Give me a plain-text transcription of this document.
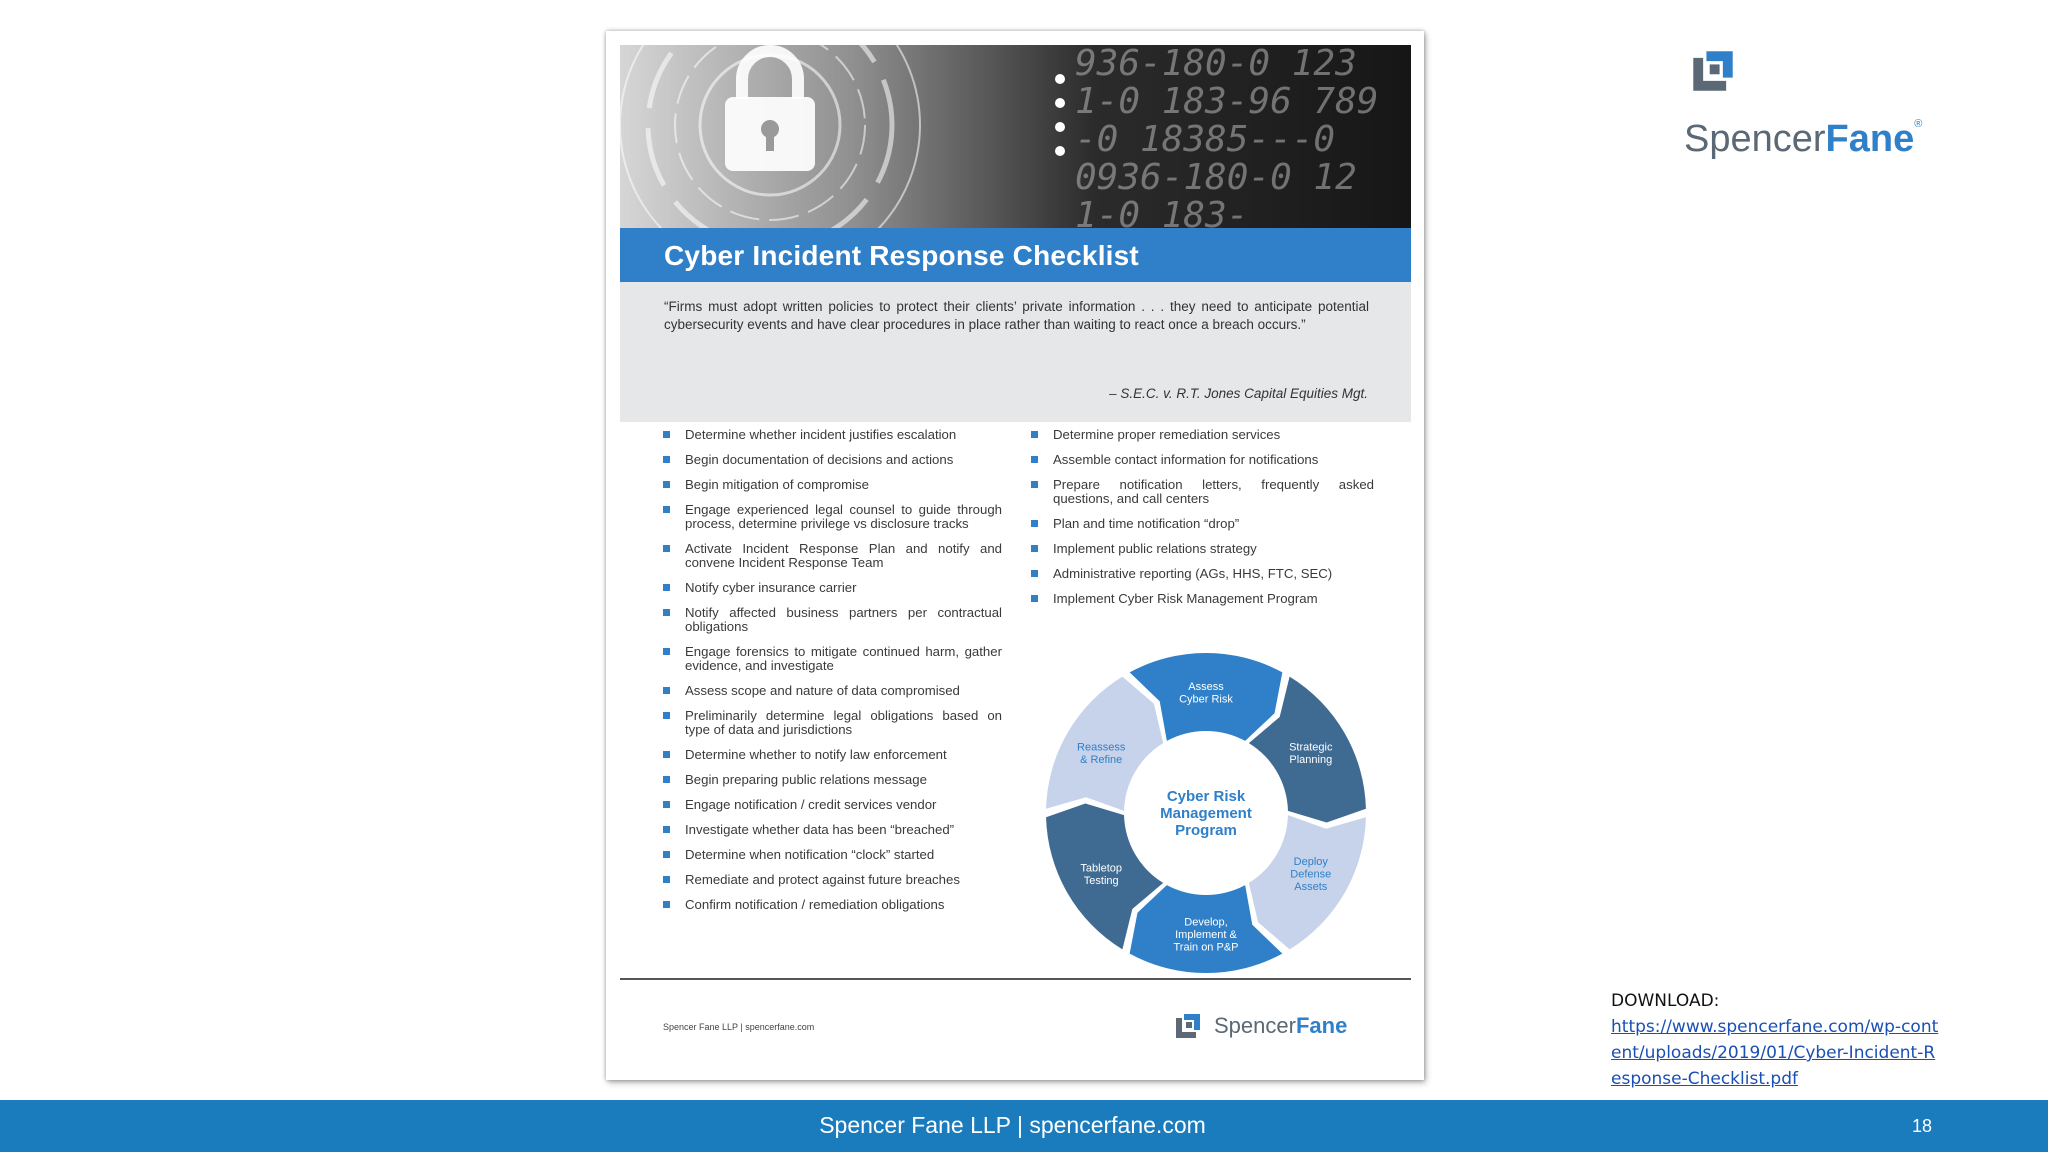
936-180-0 123
1-0 183-96 789
-0 18385---0
0936-180-0 12
1-0 183-
Cyber Incident Response Checklist
“Firms must adopt written policies to protect their clients’ private information . . . they need to anticipate potential cybersecurity events and have clear procedures in place rather than waiting to react once a breach occurs.”
– S.E.C. v. R.T. Jones Capital Equities Mgt.
Determine whether incident justifies escalation
Begin documentation of decisions and actions
Begin mitigation of compromise
Engage experienced legal counsel to guide through process, determine privilege vs disclosure tracks
Activate Incident Response Plan and notify and convene Incident Response Team
Notify cyber insurance carrier
Notify affected business partners per contractual obligations
Engage forensics to mitigate continued harm, gather evidence, and investigate
Assess scope and nature of data compromised
Preliminarily determine legal obligations based on type of data and jurisdictions
Determine whether to notify law enforcement
Begin preparing public relations message
Engage notification / credit services vendor
Investigate whether data has been “breached”
Determine when notification “clock” started
Remediate and protect against future breaches
Confirm notification / remediation obligations
Determine proper remediation services
Assemble contact information for notifications
Prepare notification letters, frequently asked questions, and call centers
Plan and time notification “drop”
Implement public relations strategy
Administrative reporting (AGs, HHS, FTC, SEC)
Implement Cyber Risk Management Program
Assess Cyber Risk
Strategic Planning
Deploy Defense Assets
Develop, Implement & Train on P&P
Tabletop Testing
Reassess & Refine
Cyber Risk Management Program
Spencer Fane LLP | spencerfane.com	SpencerFane
SpencerFane®
DOWNLOAD:
https://www.spencerfane.com/wp-content/uploads/2019/01/Cyber-Incident-Response-Checklist.pdf
Spencer Fane LLP | spencerfane.com	18
